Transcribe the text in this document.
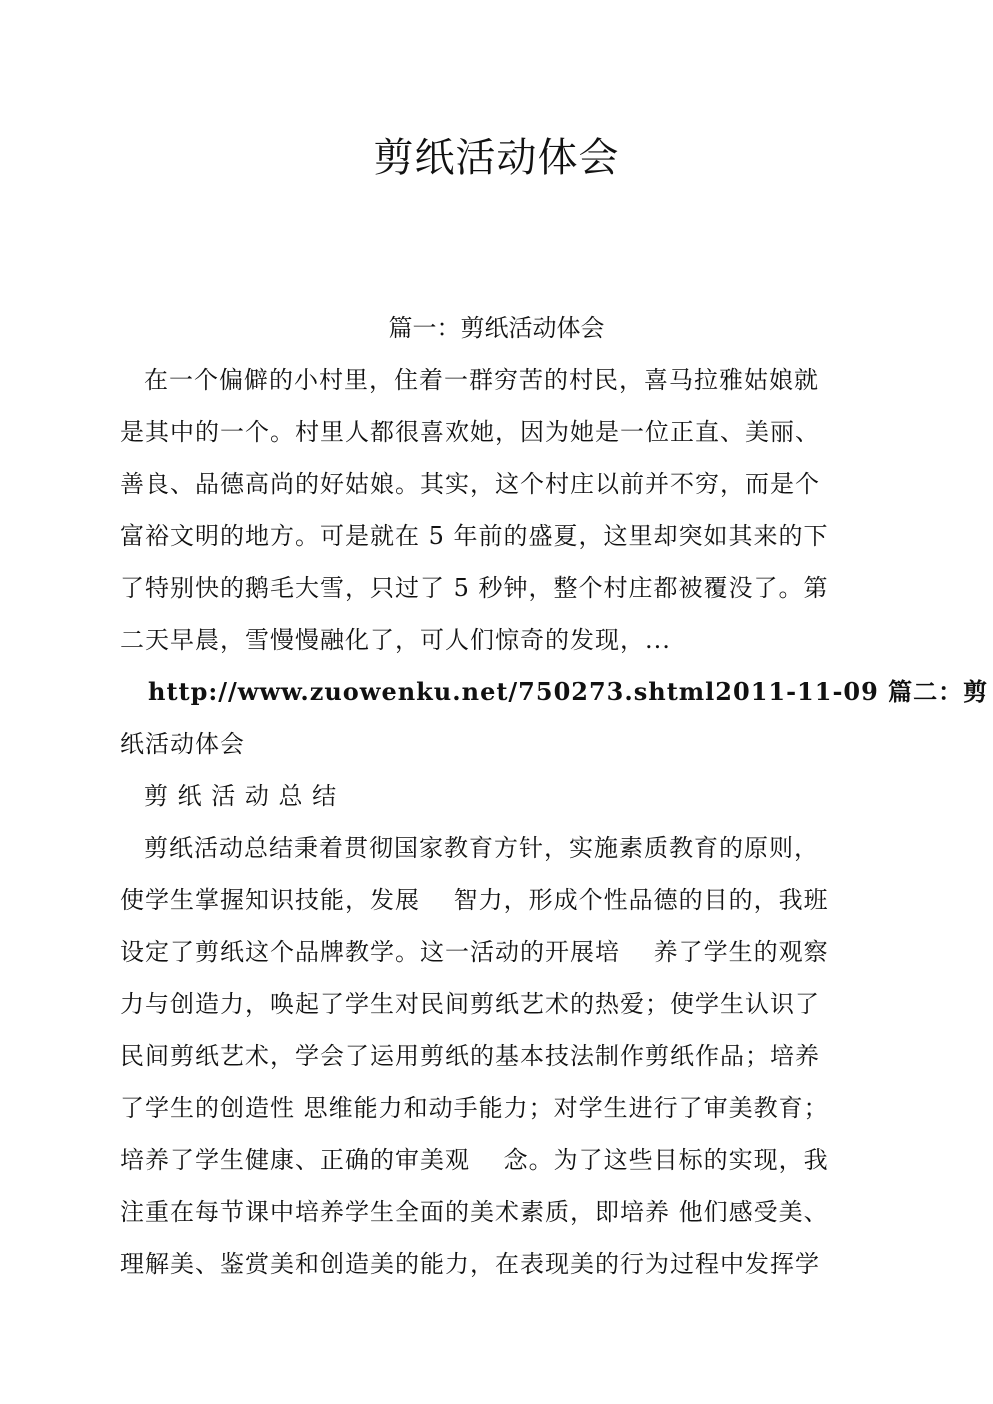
剪纸活动体会
篇一：剪纸活动体会
在一个偏僻的小村里，住着一群穷苦的村民，喜马拉雅姑娘就
是其中的一个。村里人都很喜欢她，因为她是一位正直、美丽、
善良、品德高尚的好姑娘。其实，这个村庄以前并不穷，而是个
富裕文明的地方。可是就在 5 年前的盛夏，这里却突如其来的下
了特别快的鹅毛大雪，只过了 5 秒钟，整个村庄都被覆没了。第
二天早晨，雪慢慢融化了，可人们惊奇的发现，...
http://www.zuowenku.net/750273.shtml2011-11-09 篇二：剪
纸活动体会
剪 纸 活 动 总 结
剪纸活动总结秉着贯彻国家教育方针，实施素质教育的原则，
使学生掌握知识技能，发展　 智力，形成个性品德的目的，我班
设定了剪纸这个品牌教学。这一活动的开展培　 养了学生的观察
力与创造力，唤起了学生对民间剪纸艺术的热爱；使学生认识了
民间剪纸艺术，学会了运用剪纸的基本技法制作剪纸作品；培养
了学生的创造性 思维能力和动手能力；对学生进行了审美教育；
培养了学生健康、正确的审美观　 念。为了这些目标的实现，我
注重在每节课中培养学生全面的美术素质，即培养 他们感受美、
理解美、鉴赏美和创造美的能力，在表现美的行为过程中发挥学
